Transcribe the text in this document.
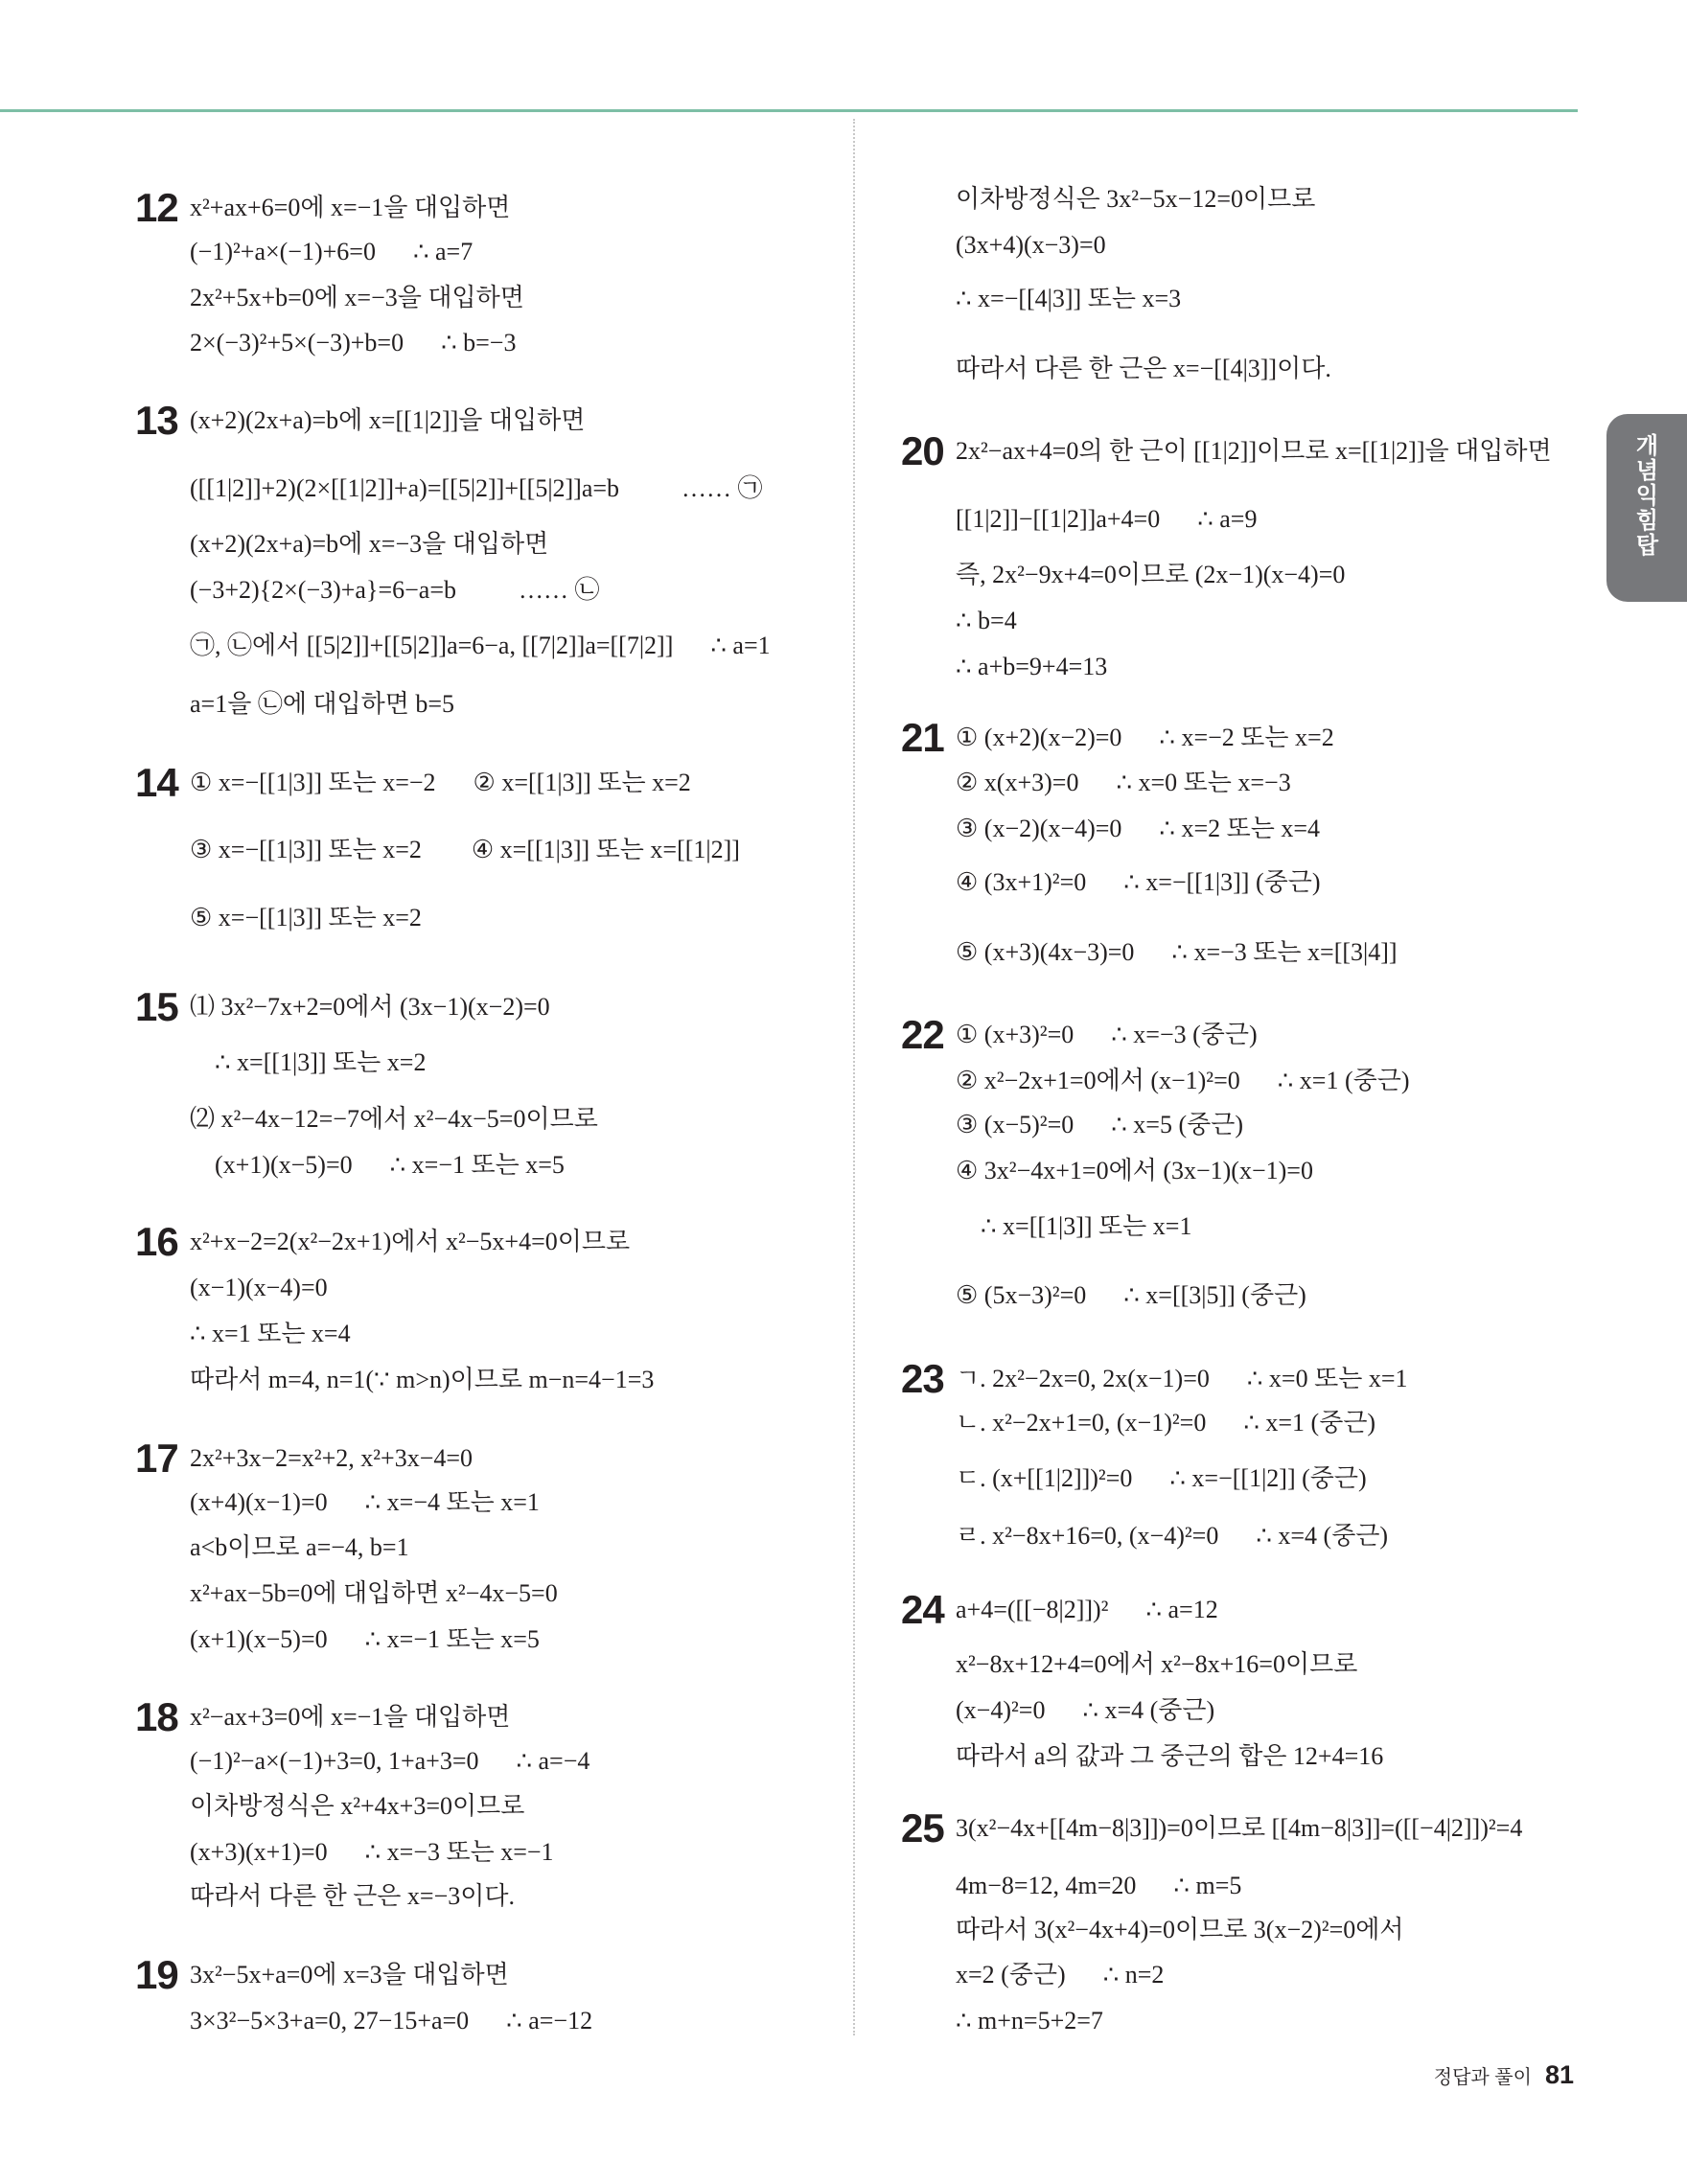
개념익힘탑
정답과 풀이 81
12 x²+ax+6=0에 x=−1을 대입하면
(−1)²+a×(−1)+6=0      ∴ a=7
2x²+5x+b=0에 x=−3을 대입하면
2×(−3)²+5×(−3)+b=0      ∴ b=−3
13 (x+2)(2x+a)=b에 x=[[1|2]]을 대입하면
([[1|2]]+2)(2×[[1|2]]+a)=[[5|2]]+[[5|2]]a=b          …… ㉠
(x+2)(2x+a)=b에 x=−3을 대입하면
(−3+2){2×(−3)+a}=6−a=b          …… ㉡
㉠, ㉡에서 [[5|2]]+[[5|2]]a=6−a, [[7|2]]a=[[7|2]]      ∴ a=1
a=1을 ㉡에 대입하면 b=5
14 ① x=−[[1|3]] 또는 x=−2      ② x=[[1|3]] 또는 x=2
③ x=−[[1|3]] 또는 x=2        ④ x=[[1|3]] 또는 x=[[1|2]]
⑤ x=−[[1|3]] 또는 x=2
15 ⑴ 3x²−7x+2=0에서 (3x−1)(x−2)=0
∴ x=[[1|3]] 또는 x=2
⑵ x²−4x−12=−7에서 x²−4x−5=0이므로
(x+1)(x−5)=0      ∴ x=−1 또는 x=5
16 x²+x−2=2(x²−2x+1)에서 x²−5x+4=0이므로
(x−1)(x−4)=0
∴ x=1 또는 x=4
따라서 m=4, n=1(∵ m>n)이므로 m−n=4−1=3
17 2x²+3x−2=x²+2, x²+3x−4=0
(x+4)(x−1)=0      ∴ x=−4 또는 x=1
a<b이므로 a=−4, b=1
x²+ax−5b=0에 대입하면 x²−4x−5=0
(x+1)(x−5)=0      ∴ x=−1 또는 x=5
18 x²−ax+3=0에 x=−1을 대입하면
(−1)²−a×(−1)+3=0, 1+a+3=0      ∴ a=−4
이차방정식은 x²+4x+3=0이므로
(x+3)(x+1)=0      ∴ x=−3 또는 x=−1
따라서 다른 한 근은 x=−3이다.
19 3x²−5x+a=0에 x=3을 대입하면
3×3²−5×3+a=0, 27−15+a=0      ∴ a=−12
이차방정식은 3x²−5x−12=0이므로
(3x+4)(x−3)=0
∴ x=−[[4|3]] 또는 x=3
따라서 다른 한 근은 x=−[[4|3]]이다.
20 2x²−ax+4=0의 한 근이 [[1|2]]이므로 x=[[1|2]]을 대입하면
[[1|2]]−[[1|2]]a+4=0      ∴ a=9
즉, 2x²−9x+4=0이므로 (2x−1)(x−4)=0
∴ b=4
∴ a+b=9+4=13
21 ① (x+2)(x−2)=0      ∴ x=−2 또는 x=2
② x(x+3)=0      ∴ x=0 또는 x=−3
③ (x−2)(x−4)=0      ∴ x=2 또는 x=4
④ (3x+1)²=0      ∴ x=−[[1|3]] (중근)
⑤ (x+3)(4x−3)=0      ∴ x=−3 또는 x=[[3|4]]
22 ① (x+3)²=0      ∴ x=−3 (중근)
② x²−2x+1=0에서 (x−1)²=0      ∴ x=1 (중근)
③ (x−5)²=0      ∴ x=5 (중근)
④ 3x²−4x+1=0에서 (3x−1)(x−1)=0
∴ x=[[1|3]] 또는 x=1
⑤ (5x−3)²=0      ∴ x=[[3|5]] (중근)
23 ㄱ. 2x²−2x=0, 2x(x−1)=0      ∴ x=0 또는 x=1
ㄴ. x²−2x+1=0, (x−1)²=0      ∴ x=1 (중근)
ㄷ. (x+[[1|2]])²=0      ∴ x=−[[1|2]] (중근)
ㄹ. x²−8x+16=0, (x−4)²=0      ∴ x=4 (중근)
24 a+4=([[−8|2]])²      ∴ a=12
x²−8x+12+4=0에서 x²−8x+16=0이므로
(x−4)²=0      ∴ x=4 (중근)
따라서 a의 값과 그 중근의 합은 12+4=16
25 3(x²−4x+[[4m−8|3]])=0이므로 [[4m−8|3]]=([[−4|2]])²=4
4m−8=12, 4m=20      ∴ m=5
따라서 3(x²−4x+4)=0이므로 3(x−2)²=0에서
x=2 (중근)      ∴ n=2
∴ m+n=5+2=7
